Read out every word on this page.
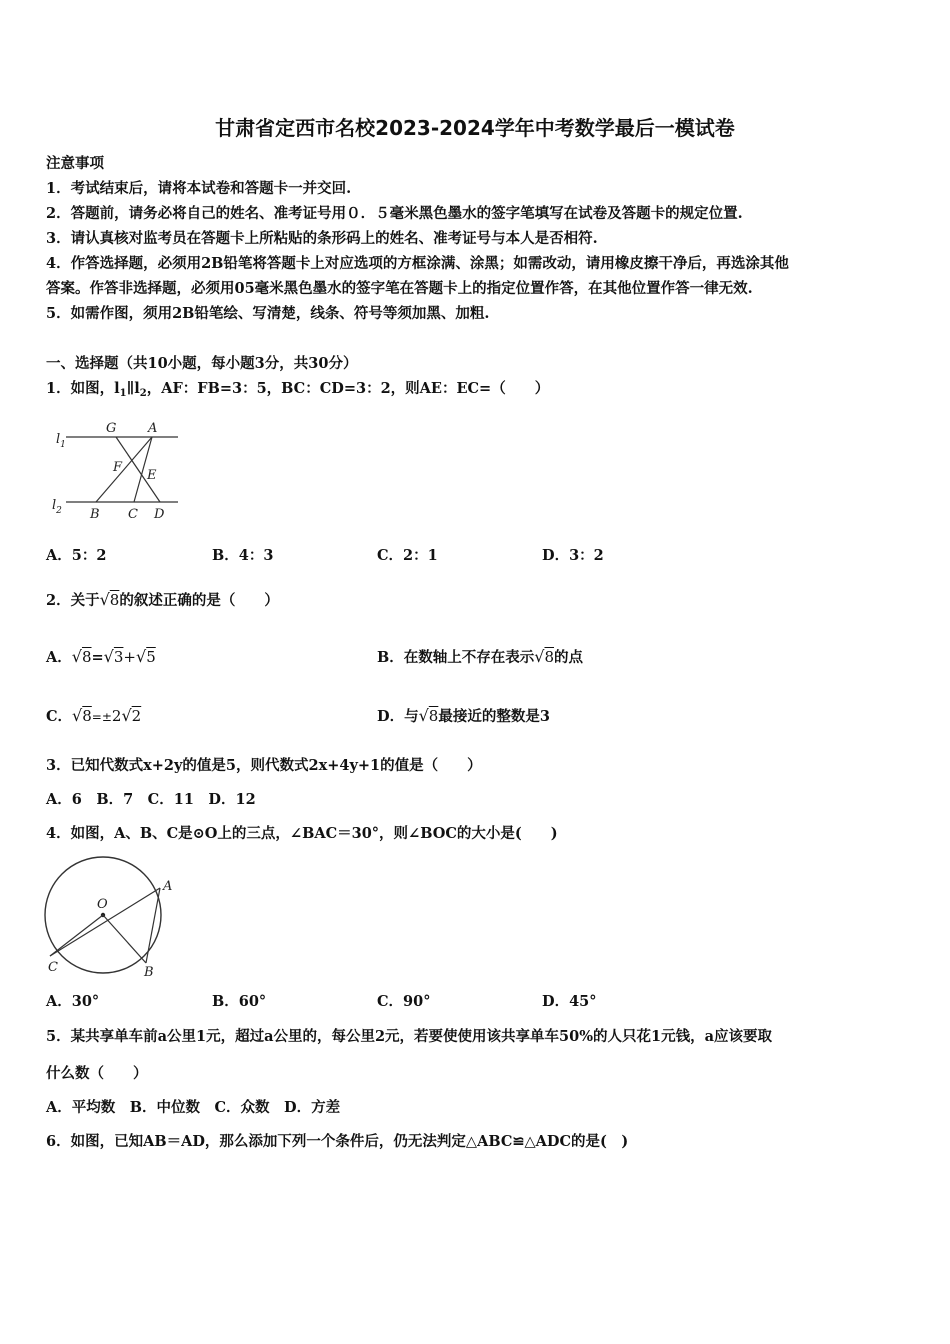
甘肃省定西市名校2023-2024学年中考数学最后一模试卷
注意事项
1．考试结束后，请将本试卷和答题卡一并交回.
2．答题前，请务必将自己的姓名、准考证号用０．５毫米黑色墨水的签字笔填写在试卷及答题卡的规定位置.
3．请认真核对监考员在答题卡上所粘贴的条形码上的姓名、准考证号与本人是否相符.
4．作答选择题，必须用2B铅笔将答题卡上对应选项的方框涂满、涂黑；如需改动，请用橡皮擦干净后，再选涂其他
答案。作答非选择题，必须用05毫米黑色墨水的签字笔在答题卡上的指定位置作答，在其他位置作答一律无效.
5．如需作图，须用2B铅笔绘、写清楚，线条、符号等须加黑、加粗.
一、选择题（共10小题，每小题3分，共30分）
1．如图，$l_1\parallel l_2$，AF：FB=3：5，BC：CD=3：2，则AE：EC=（　　）
$l_1$
$l_2$
G A
F
E
B C D
A．5：2	B．4：3	C．2：1	D．3：2
2．关于√8的叙述正确的是（　　）
A．√8=√3+√5	B．在数轴上不存在表示√8的点
C．√8=±2√2	D．与√8最接近的整数是3
3．已知代数式x+2y的值是5，则代数式2x+4y+1的值是（　　）
A．6　B．7　C．11　D．12
4．如图，A、B、C是⊙O上的三点，∠BAC＝30°，则∠BOC的大小是(　　)
O
A
B
C
A．30°	B．60°	C．90°	D．45°
5．某共享单车前a公里1元，超过a公里的，每公里2元，若要使使用该共享单车50%的人只花1元钱，a应该要取
什么数（　　）
A．平均数　B．中位数　C．众数　D．方差
6．如图，已知AB＝AD，那么添加下列一个条件后，仍无法判定△ABC≌△ADC的是(　)
